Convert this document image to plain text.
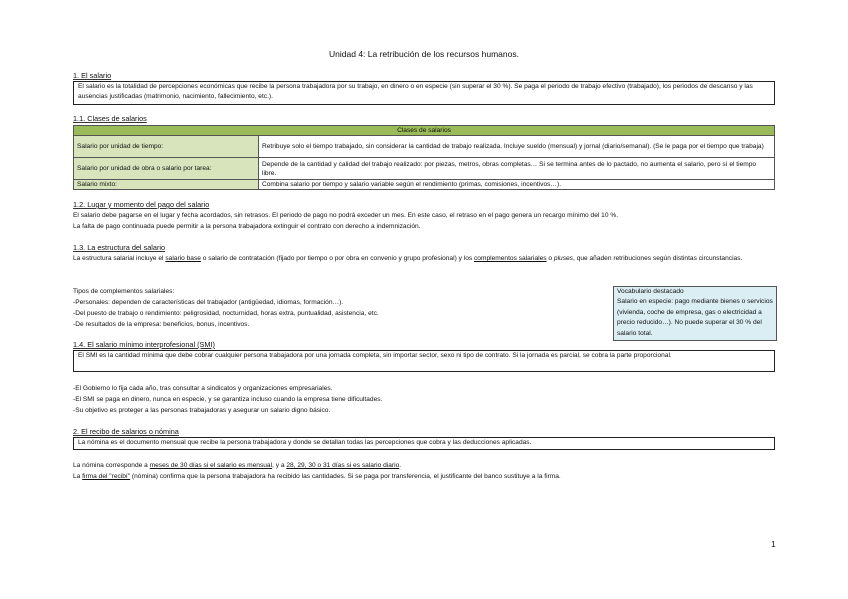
Unidad 4: La retribución de los recursos humanos.
1. El salario
El salario es la totalidad de percepciones económicas que recibe la persona trabajadora por su trabajo, en dinero o en especie (sin superar el 30 %). Se paga el periodo de trabajo efectivo (trabajado), los periodos de descanso y las ausencias justificadas (matrimonio, nacimiento, fallecimiento, etc.).
1.1. Clases de salarios
Clases de salarios	
Salario por unidad de tiempo:	Retribuye solo el tiempo trabajado, sin considerar la cantidad de trabajo realizada. Incluye sueldo (mensual) y jornal (diario/semanal). (Se le paga por el tiempo que trabaja)
Salario por unidad de obra o salario por tarea:	Depende de la cantidad y calidad del trabajo realizado: por piezas, metros, obras completas… Si se termina antes de lo pactado, no aumenta el salario, pero sí el tiempo libre.
Salario mixto:	Combina salario por tiempo y salario variable según el rendimiento (primas, comisiones, incentivos…).
1.2. Lugar y momento del pago del salario
El salario debe pagarse en el lugar y fecha acordados, sin retrasos. El periodo de pago no podrá exceder un mes. En este caso, el retraso en el pago genera un recargo mínimo del 10 %.
La falta de pago continuada puede permitir a la persona trabajadora extinguir el contrato con derecho a indemnización.
1.3. La estructura del salario
La estructura salarial incluye el salario base o salario de contratación (fijado por tiempo o por obra en convenio y grupo profesional) y los complementos salariales o pluses, que añaden retribuciones según distintas circunstancias.
Tipos de complementos salariales:
-Personales: dependen de características del trabajador (antigüedad, idiomas, formación…).
-Del puesto de trabajo o rendimiento: peligrosidad, nocturnidad, horas extra, puntualidad, asistencia, etc.
-De resultados de la empresa: beneficios, bonus, incentivos.
Vocabulario destacado
Salario en especie: pago mediante bienes o servicios (vivienda, coche de empresa, gas o electricidad a precio reducido…). No puede superar el 30 % del salario total.
1.4. El salario mínimo interprofesional (SMI)
El SMI es la cantidad mínima que debe cobrar cualquier persona trabajadora por una jornada completa, sin importar sector, sexo ni tipo de contrato. Si la jornada es parcial, se cobra la parte proporcional.
-El Gobierno lo fija cada año, tras consultar a sindicatos y organizaciones empresariales.
-El SMI se paga en dinero, nunca en especie, y se garantiza incluso cuando la empresa tiene dificultades.
-Su objetivo es proteger a las personas trabajadoras y asegurar un salario digno básico.
2. El recibo de salarios o nómina
La nómina es el documento mensual que recibe la persona trabajadora y donde se detallan todas las percepciones que cobra y las deducciones aplicadas.
La nómina corresponde a meses de 30 días si el salario es mensual, y a 28, 29, 30 o 31 días si es salario diario.
La firma del "recibí" (nómina) confirma que la persona trabajadora ha recibido las cantidades. Si se paga por transferencia, el justificante del banco sustituye a la firma.
1
